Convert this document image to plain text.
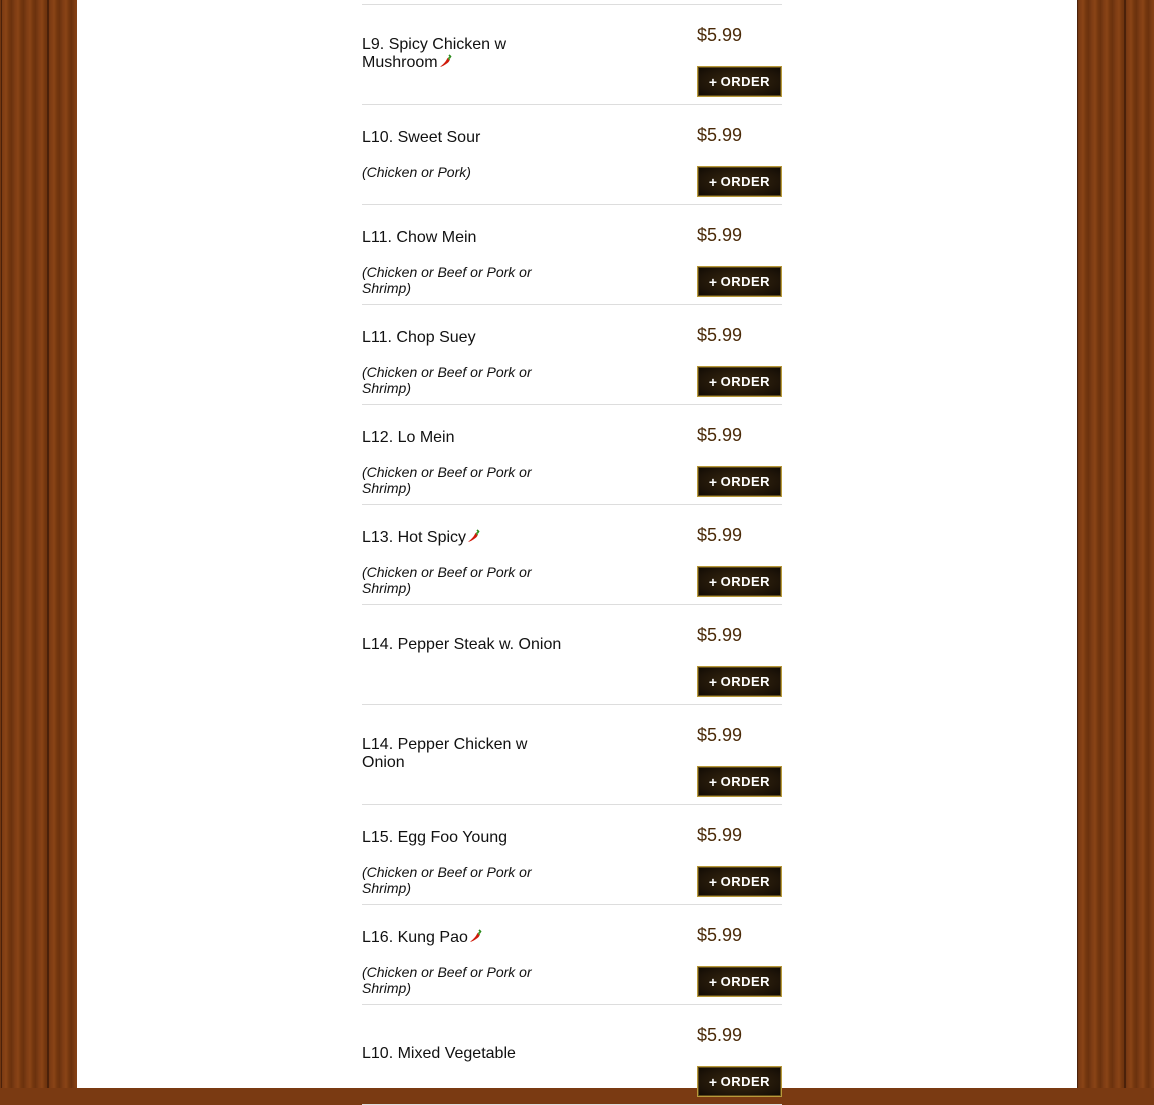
L9. Spicy Chicken w Mushroom
$5.99
+ ORDER
L10. Sweet Sour
(Chicken or Pork)
$5.99
+ ORDER
L11. Chow Mein
(Chicken or Beef or Pork or Shrimp)
$5.99
+ ORDER
L11. Chop Suey
(Chicken or Beef or Pork or Shrimp)
$5.99
+ ORDER
L12. Lo Mein
(Chicken or Beef or Pork or Shrimp)
$5.99
+ ORDER
L13. Hot Spicy
(Chicken or Beef or Pork or Shrimp)
$5.99
+ ORDER
L14. Pepper Steak w. Onion	$5.99
+ ORDER
L14. Pepper Chicken w Onion
$5.99
+ ORDER
L15. Egg Foo Young
(Chicken or Beef or Pork or Shrimp)
$5.99
+ ORDER
L16. Kung Pao
(Chicken or Beef or Pork or Shrimp)
$5.99
+ ORDER
L10. Mixed Vegetable
$5.99
+ ORDER
